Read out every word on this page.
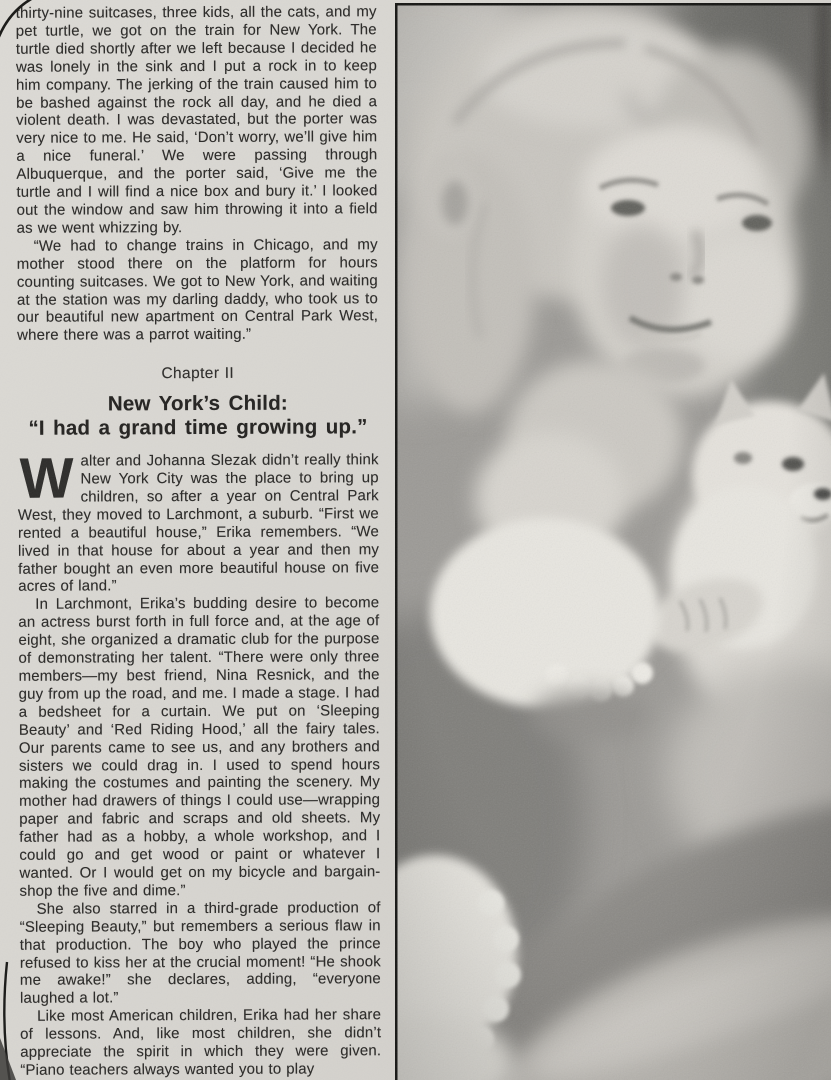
thirty-nine suitcases, three kids, all the cats, and my pet turtle, we got on the train for New York. The turtle died shortly after we left because I decided he was lonely in the sink and I put a rock in to keep him company. The jerking of the train caused him to be bashed against the rock all day, and he died a violent death. I was devastated, but the porter was very nice to me. He said, ‘Don’t worry, we’ll give him a nice funeral.’ We were passing through Albuquerque, and the porter said, ‘Give me the turtle and I will find a nice box and bury it.’ I looked out the window and saw him throwing it into a field as we went whizzing by.

“We had to change trains in Chicago, and my mother stood there on the platform for hours counting suitcases. We got to New York, and waiting at the station was my darling daddy, who took us to our beautiful new apartment on Central Park West, where there was a parrot waiting.”

Chapter II
New York’s Child:
“I had a grand time growing up.”

Walter and Johanna Slezak didn’t really think New York City was the place to bring up children, so after a year on Central Park West, they moved to Larchmont, a suburb. “First we rented a beautiful house,” Erika remembers. “We lived in that house for about a year and then my father bought an even more beautiful house on five acres of land.”

In Larchmont, Erika’s budding desire to become an actress burst forth in full force and, at the age of eight, she organized a dramatic club for the purpose of demonstrating her talent. “There were only three members—my best friend, Nina Resnick, and the guy from up the road, and me. I made a stage. I had a bedsheet for a curtain. We put on ‘Sleeping Beauty’ and ‘Red Riding Hood,’ all the fairy tales. Our parents came to see us, and any brothers and sisters we could drag in. I used to spend hours making the costumes and painting the scenery. My mother had drawers of things I could use—wrapping paper and fabric and scraps and old sheets. My father had as a hobby, a whole workshop, and I could go and get wood or paint or whatever I wanted. Or I would get on my bicycle and bargain-shop the five and dime.”

She also starred in a third-grade production of “Sleeping Beauty,” but remembers a serious flaw in that production. The boy who played the prince refused to kiss her at the crucial moment! “He shook me awake!” she declares, adding, “everyone laughed a lot.”

Like most American children, Erika had her share of lessons. And, like most children, she didn’t appreciate the spirit in which they were given. “Piano teachers always wanted you to play
